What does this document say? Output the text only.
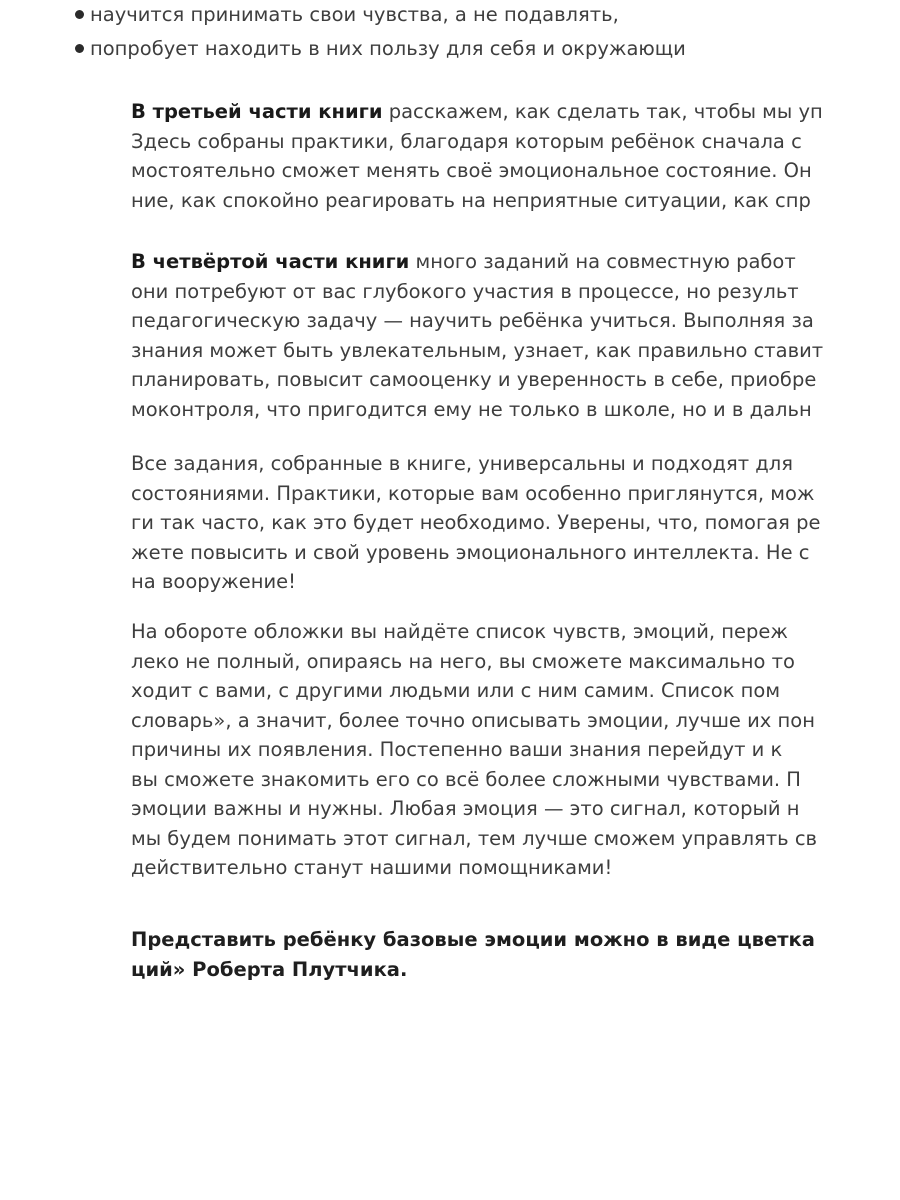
научится принимать свои чувства, а не подавлять,
попробует находить в них пользу для себя и окружающи
В третьей части книги расскажем, как сделать так, чтобы мы уп
Здесь собраны практики, благодаря которым ребёнок сначала с
мостоятельно сможет менять своё эмоциональное состояние. Он
ние, как спокойно реагировать на неприятные ситуации, как спр
В четвёртой части книги много заданий на совместную работ
они потребуют от вас глубокого участия в процессе, но результ
педагогическую задачу — научить ребёнка учиться. Выполняя за
знания может быть увлекательным, узнает, как правильно ставит
планировать, повысит самооценку и уверенность в себе, приобре
моконтроля, что пригодится ему не только в школе, но и в дальн
Все задания, собранные в книге, универсальны и подходят для
состояниями. Практики, которые вам особенно приглянутся, мож
ги так часто, как это будет необходимо. Уверены, что, помогая ре
жете повысить и свой уровень эмоционального интеллекта. Не с
на вооружение!
На обороте обложки вы найдёте список чувств, эмоций, переж
леко не полный, опираясь на него, вы сможете максимально то
ходит с вами, с другими людьми или с ним самим. Список пом
словарь», а значит, более точно описывать эмоции, лучше их пон
причины их появления. Постепенно ваши знания перейдут и к
вы сможете знакомить его со всё более сложными чувствами. П
эмоции важны и нужны. Любая эмоция — это сигнал, который н
мы будем понимать этот сигнал, тем лучше сможем управлять св
действительно станут нашими помощниками!
Представить ребёнку базовые эмоции можно в виде цветка
ций» Роберта Плутчика.
